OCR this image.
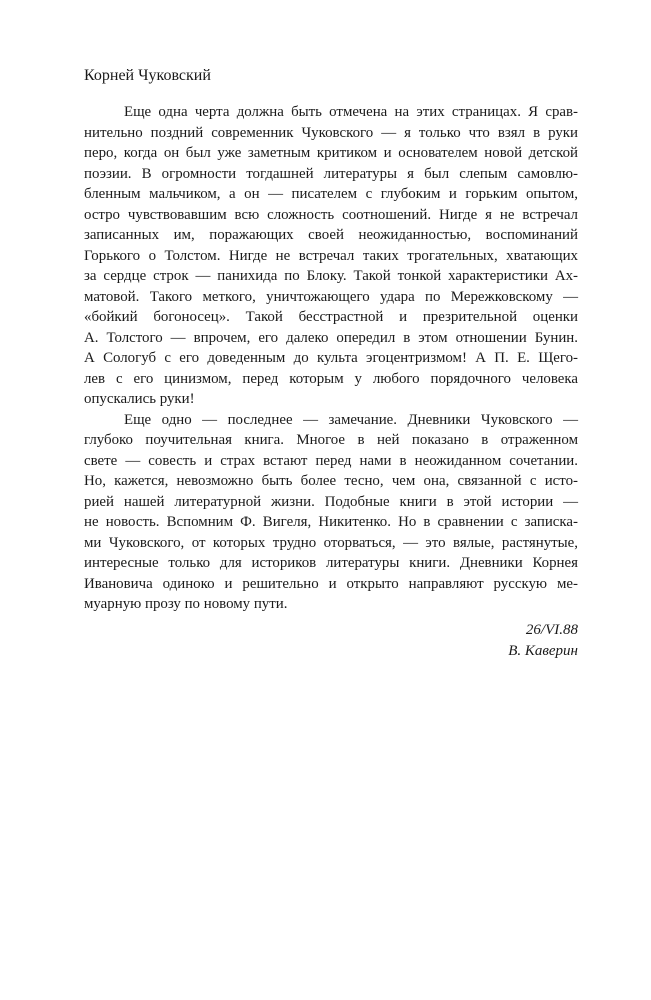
Корней Чуковский
Еще одна черта должна быть отмечена на этих страницах. Я срав-
нительно поздний современник Чуковского — я только что взял в руки
перо, когда он был уже заметным критиком и основателем новой детской
поэзии. В огромности тогдашней литературы я был слепым самовлю-
бленным мальчиком, а он — писателем с глубоким и горьким опытом,
остро чувствовавшим всю сложность соотношений. Нигде я не встречал
записанных им, поражающих своей неожиданностью, воспоминаний
Горького о Толстом. Нигде не встречал таких трогательных, хватающих
за сердце строк — панихида по Блоку. Такой тонкой характеристики Ах-
матовой. Такого меткого, уничтожающего удара по Мережковскому —
«бойкий богоносец». Такой бесстрастной и презрительной оценки
А. Толстого — впрочем, его далеко опередил в этом отношении Бунин.
А Сологуб с его доведенным до культа эгоцентризмом! А П. Е. Щего-
лев с его цинизмом, перед которым у любого порядочного человека
опускались руки!
Еще одно — последнее — замечание. Дневники Чуковского —
глубоко поучительная книга. Многое в ней показано в отраженном
свете — совесть и страх встают перед нами в неожиданном сочетании.
Но, кажется, невозможно быть более тесно, чем она, связанной с исто-
рией нашей литературной жизни. Подобные книги в этой истории —
не новость. Вспомним Ф. Вигеля, Никитенко. Но в сравнении с записка-
ми Чуковского, от которых трудно оторваться, — это вялые, растянутые,
интересные только для историков литературы книги. Дневники Корнея
Ивановича одиноко и решительно и открыто направляют русскую ме-
муарную прозу по новому пути.
26/VI.88
В. Каверин
